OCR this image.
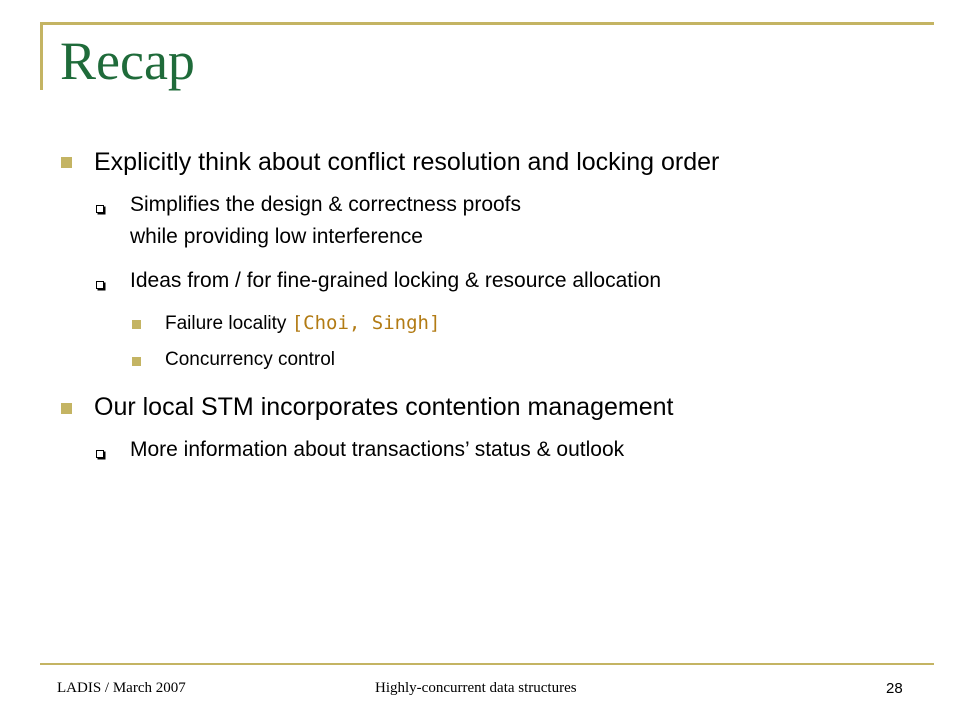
Recap
Explicitly think about conflict resolution and locking order
Simplifies the design & correctness proofs
while providing low interference
Ideas from / for fine-grained locking & resource allocation
Failure locality [Choi, Singh]
Concurrency control
Our local STM incorporates contention management
More information about transactions’ status & outlook
LADIS / March 2007	Highly-concurrent data structures	28
